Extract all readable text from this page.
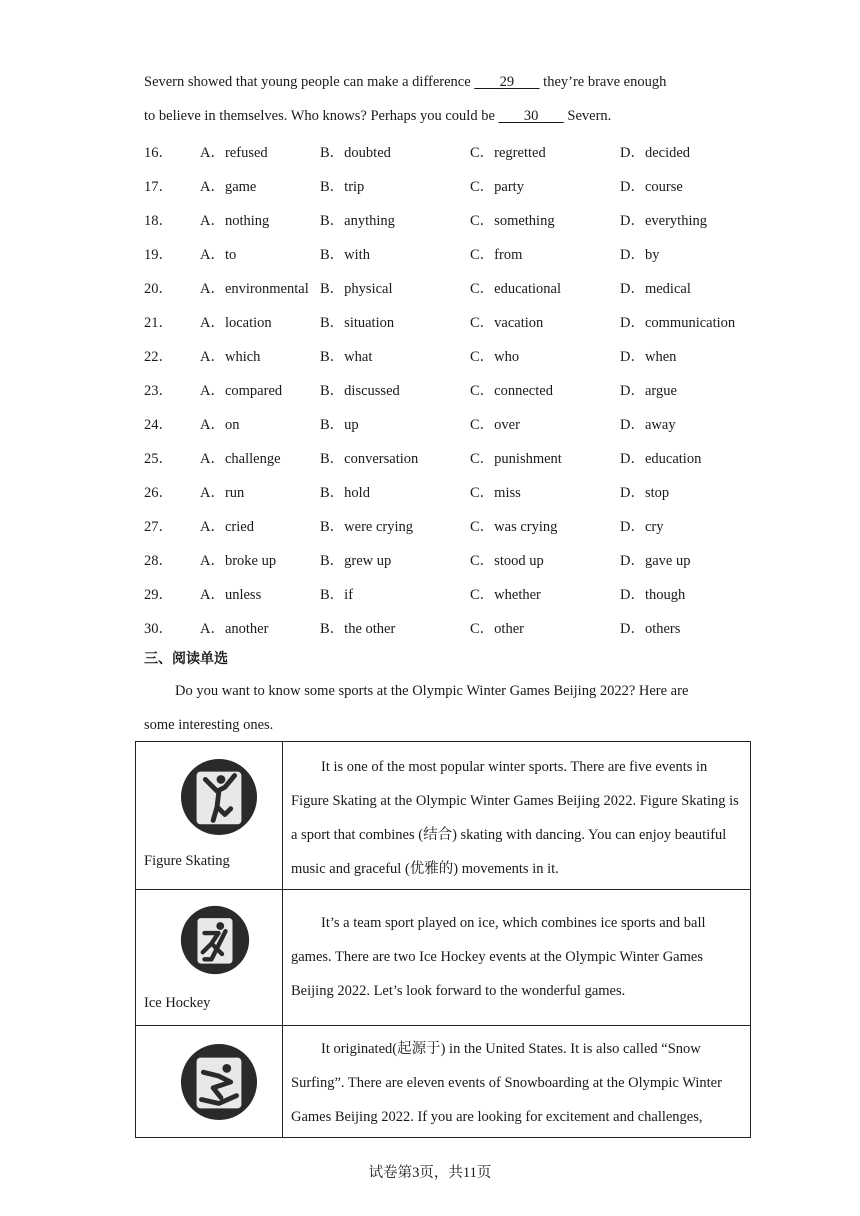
Severn showed that young people can make a difference        29        they’re brave enough
to believe in themselves. Who knows? Perhaps you could be        30        Severn.
16． A．refused	B．doubted	C．regretted	D．decided
17． A．game	B．trip	C．party	D．course
18． A．nothing	B．anything	C．something	D．everything
19． A．to	B．with	C．from	D．by
20． A．environmental B．physical	C．educational	D．medical
21． A．location	B．situation	C．vacation	D．communication
22． A．which	B．what	C．who	D．when
23． A．compared	B．discussed	C．connected	D．argue
24． A．on	B．up	C．over	D．away
25． A．challenge	B．conversation	C．punishment	D．education
26． A．run	B．hold	C．miss	D．stop
27． A．cried	B．were crying	C．was crying	D．cry
28． A．broke up	B．grew up	C．stood up	D．gave up
29． A．unless	B．if	C．whether	D．though
30． A．another	B．the other	C．other	D．others
三、阅读单选
Do you want to know some sports at the Olympic Winter Games Beijing 2022? Here are
some interesting ones.
Figure Skating	It is one of the most popular winter sports. There are five events in Figure Skating at the Olympic Winter Games Beijing 2022. Figure Skating is a sport that combines (结合) skating with dancing. You can enjoy beautiful music and graceful (优雅的) movements in it.

Ice Hockey	It’s a team sport played on ice, which combines ice sports and ball games. There are two Ice Hockey events at the Olympic Winter Games Beijing 2022. Let’s look forward to the wonderful games.

	It originated(起源于) in the United States. It is also called “Snow Surfing”. There are eleven events of Snowboarding at the Olympic Winter Games Beijing 2022. If you are looking for excitement and challenges,
试卷第3页，共11页
